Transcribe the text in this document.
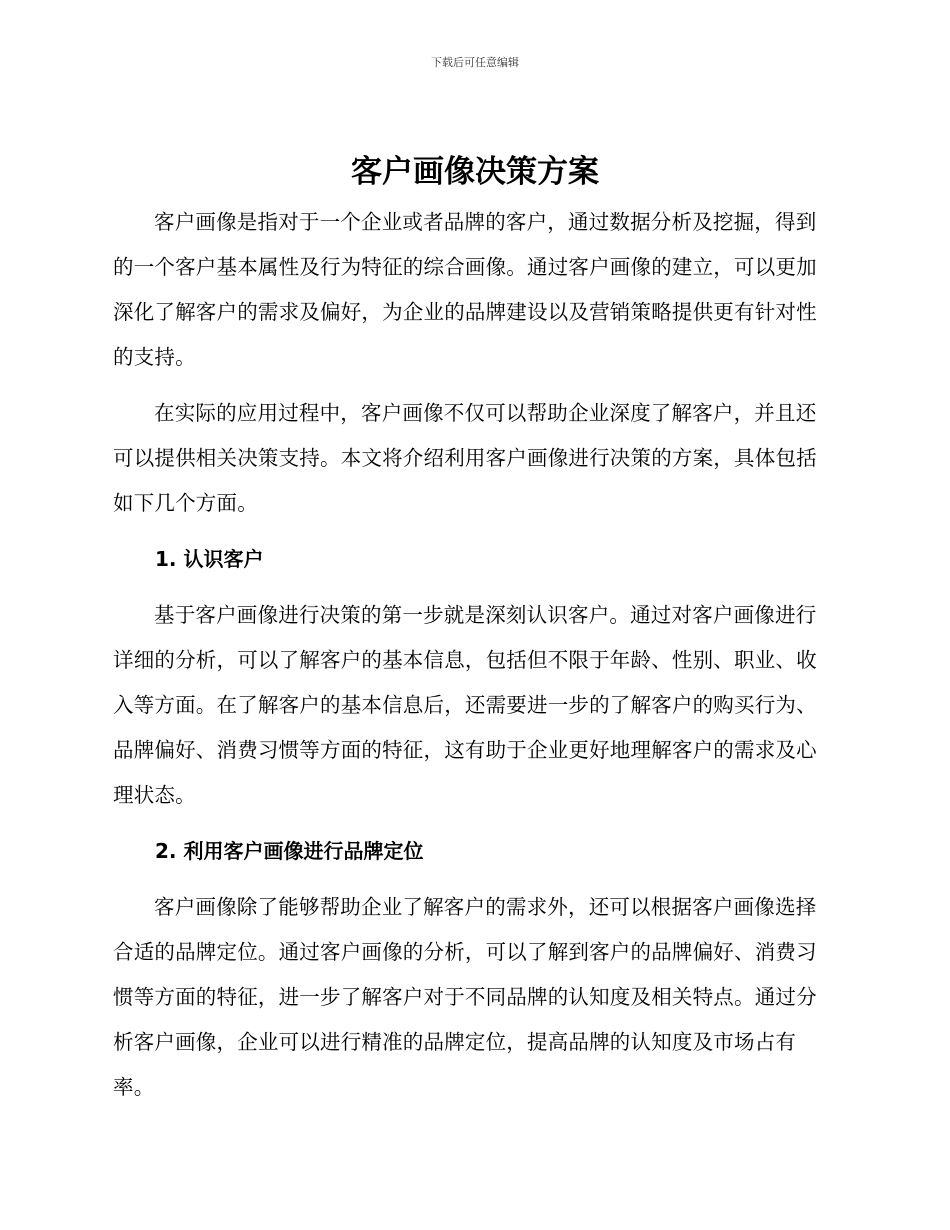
下载后可任意编辑
客户画像决策方案

客户画像是指对于一个企业或者品牌的客户，通过数据分析及挖掘，得到的一个客户基本属性及行为特征的综合画像。通过客户画像的建立，可以更加深化了解客户的需求及偏好，为企业的品牌建设以及营销策略提供更有针对性的支持。

在实际的应用过程中，客户画像不仅可以帮助企业深度了解客户，并且还可以提供相关决策支持。本文将介绍利用客户画像进行决策的方案，具体包括如下几个方面。

1. 认识客户

基于客户画像进行决策的第一步就是深刻认识客户。通过对客户画像进行详细的分析，可以了解客户的基本信息，包括但不限于年龄、性别、职业、收入等方面。在了解客户的基本信息后，还需要进一步的了解客户的购买行为、品牌偏好、消费习惯等方面的特征，这有助于企业更好地理解客户的需求及心理状态。

2. 利用客户画像进行品牌定位

客户画像除了能够帮助企业了解客户的需求外，还可以根据客户画像选择合适的品牌定位。通过客户画像的分析，可以了解到客户的品牌偏好、消费习惯等方面的特征，进一步了解客户对于不同品牌的认知度及相关特点。通过分析客户画像，企业可以进行精准的品牌定位，提高品牌的认知度及市场占有率。
